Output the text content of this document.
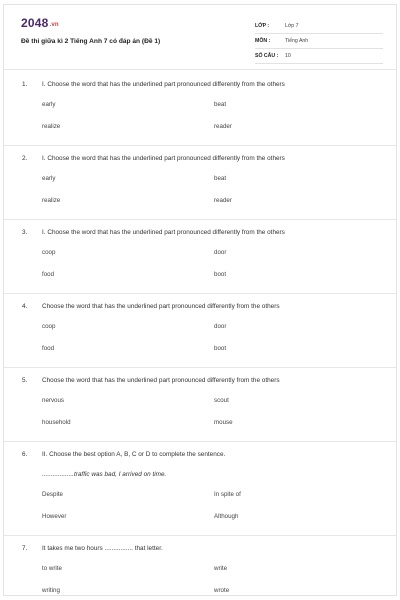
2048.vn
Đề thi giữa kì 2 Tiếng Anh 7 có đáp án (Đề 1)
LỚP :	Lớp 7
MÔN :	Tiếng Anh
SỐ CÂU :	10
1.	I. Choose the word that has the underlined part pronounced differently from the others
early	beat
realize	reader
2.	I. Choose the word that has the underlined part pronounced differently from the others
early	beat
realize	reader
3.	I. Choose the word that has the underlined part pronounced differently from the others
coop	door
food	boot
4.	Choose the word that has the underlined part pronounced differently from the others
coop	door
food	boot
5.	Choose the word that has the underlined part pronounced differently from the others
nervous	scout
household	mouse
6.	II. Choose the best option A, B, C or D to complete the sentence.
..................traffic was bad, I arrived on time.
Despite	In spite of
However	Although
7.	It takes me two hours ................ that letter.
to write	write
writing	wrote
